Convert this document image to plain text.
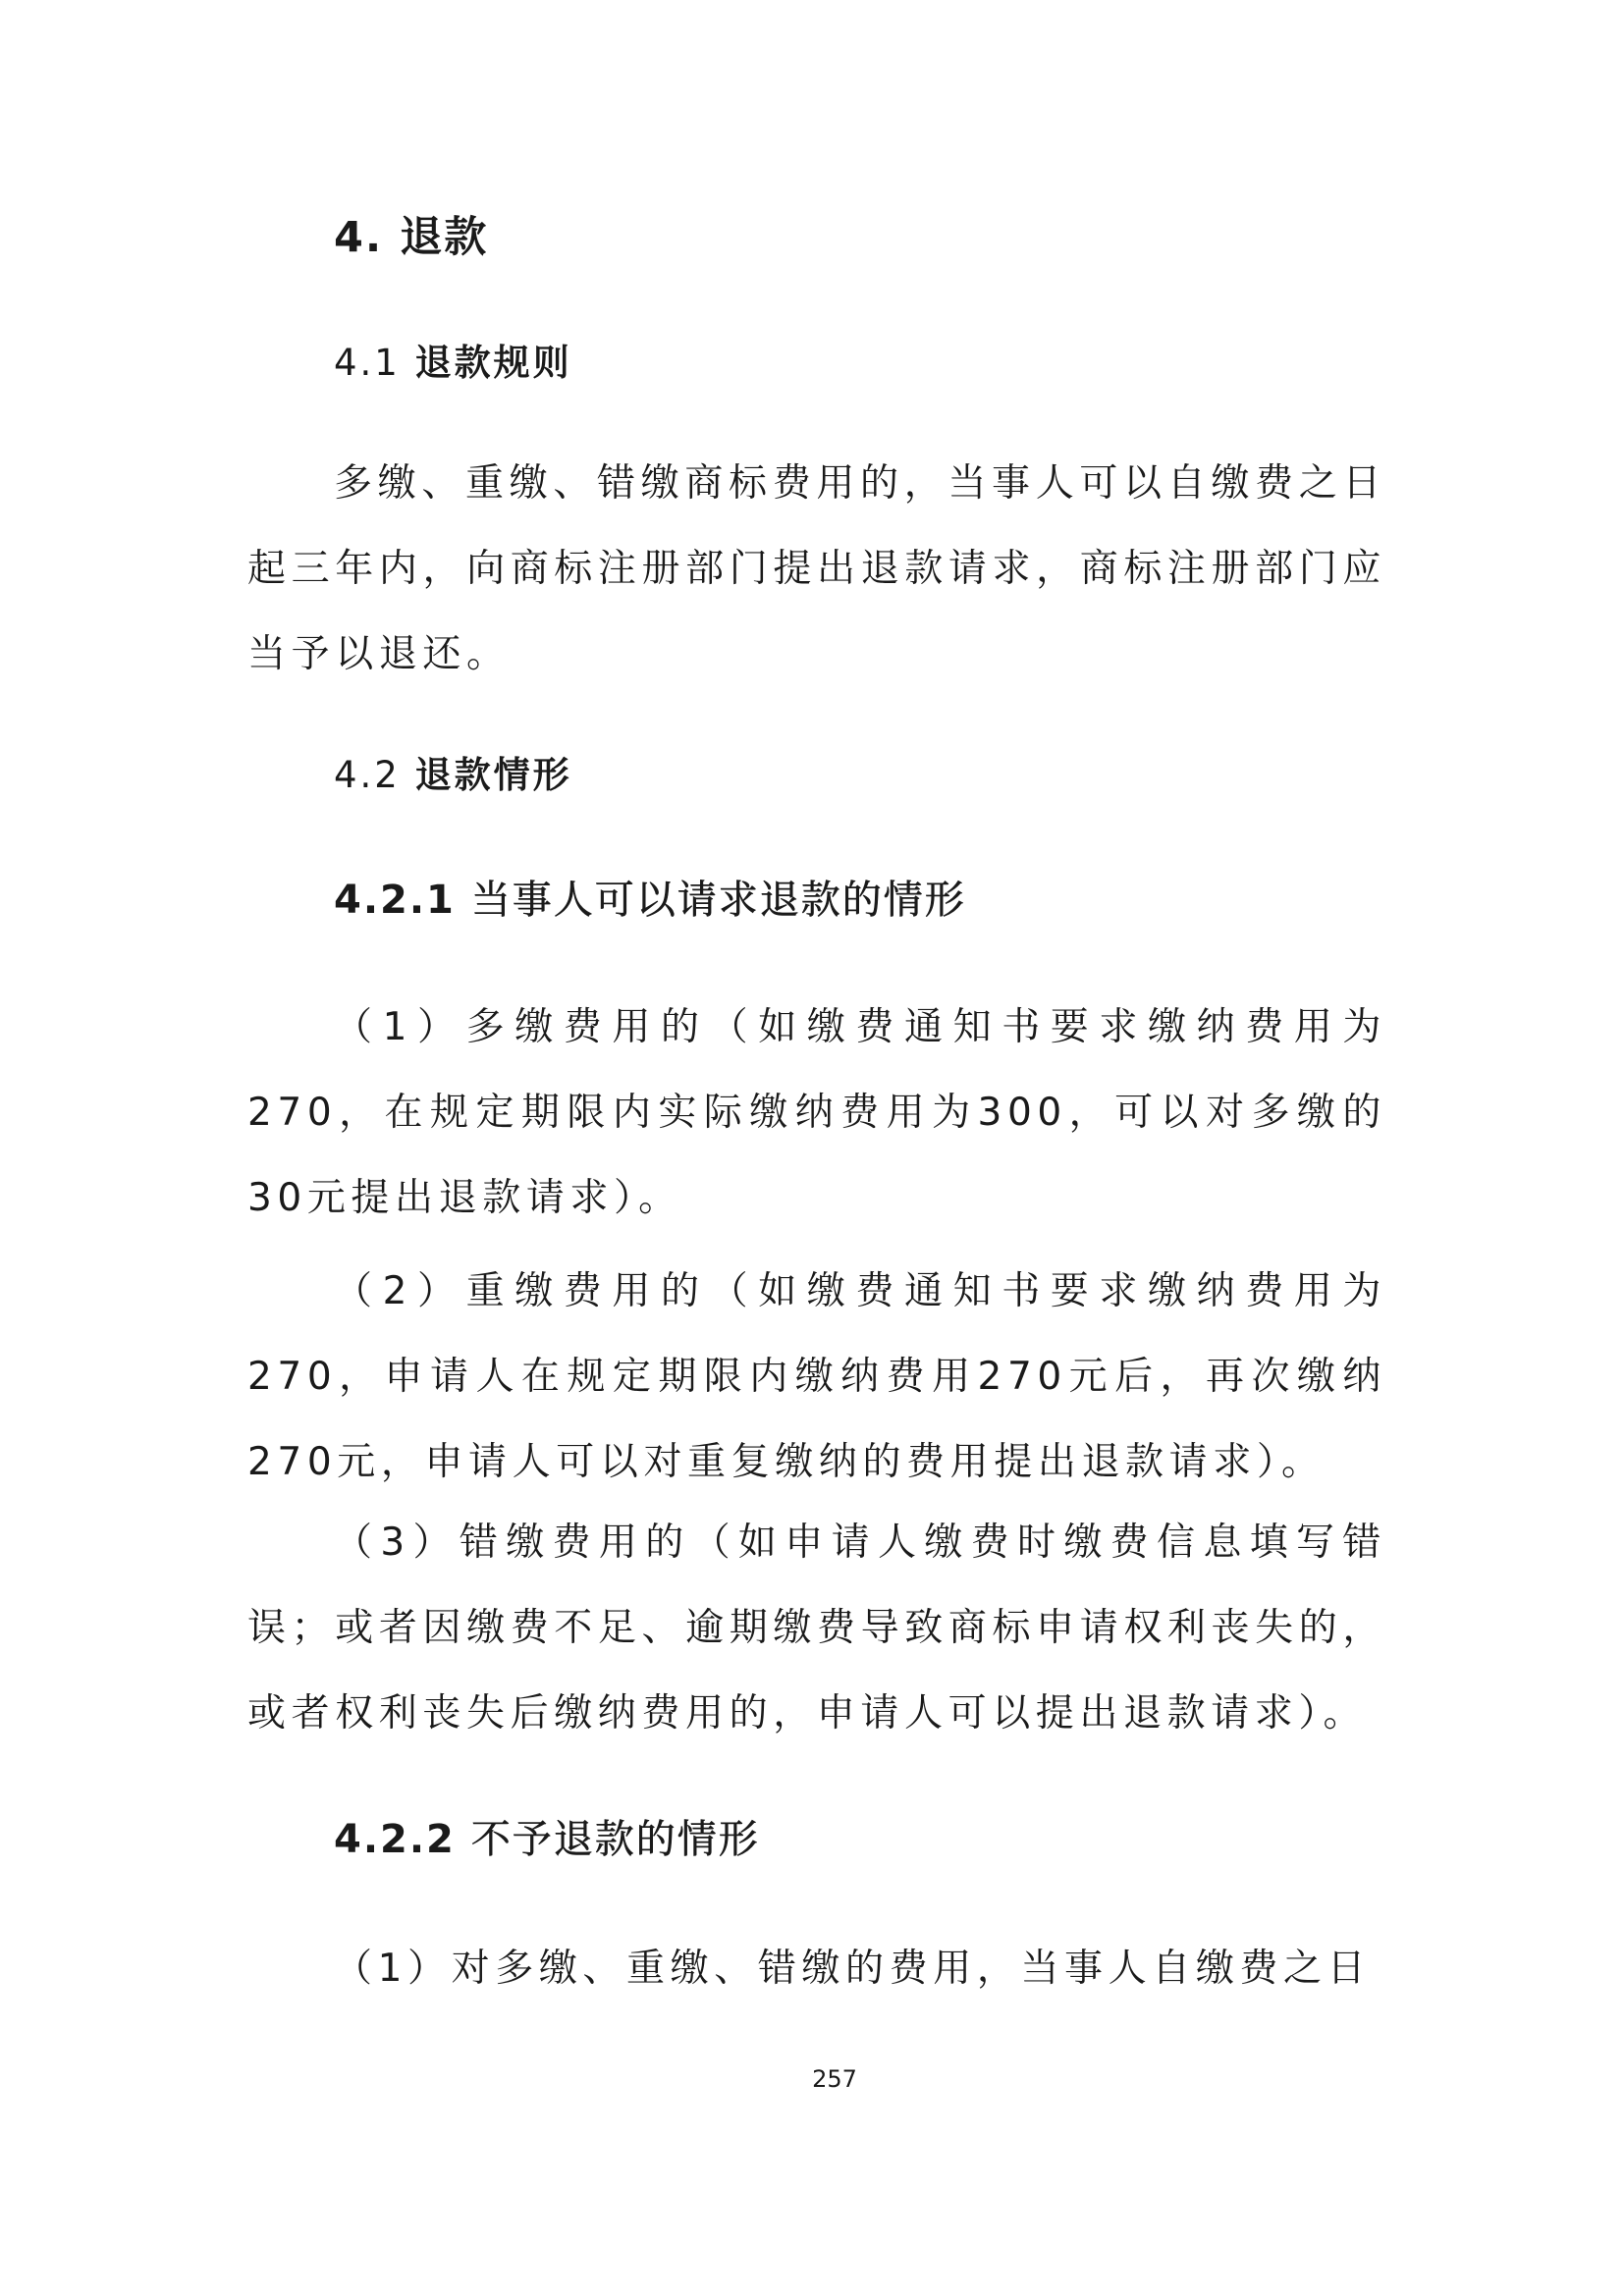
4. 退款
4.1 退款规则

多缴、重缴、错缴商标费用的，当事人可以自缴费之日起三年内，向商标注册部门提出退款请求，商标注册部门应当予以退还。

4.2 退款情形
4.2.1 当事人可以请求退款的情形

（1）多缴费用的（如缴费通知书要求缴纳费用为270，在规定期限内实际缴纳费用为300，可以对多缴的30元提出退款请求）。

（2）重缴费用的（如缴费通知书要求缴纳费用为270，申请人在规定期限内缴纳费用270元后，再次缴纳270元，申请人可以对重复缴纳的费用提出退款请求）。

（3）错缴费用的（如申请人缴费时缴费信息填写错误；或者因缴费不足、逾期缴费导致商标申请权利丧失的，或者权利丧失后缴纳费用的，申请人可以提出退款请求）。

4.2.2 不予退款的情形

（1）对多缴、重缴、错缴的费用，当事人自缴费之日

257
